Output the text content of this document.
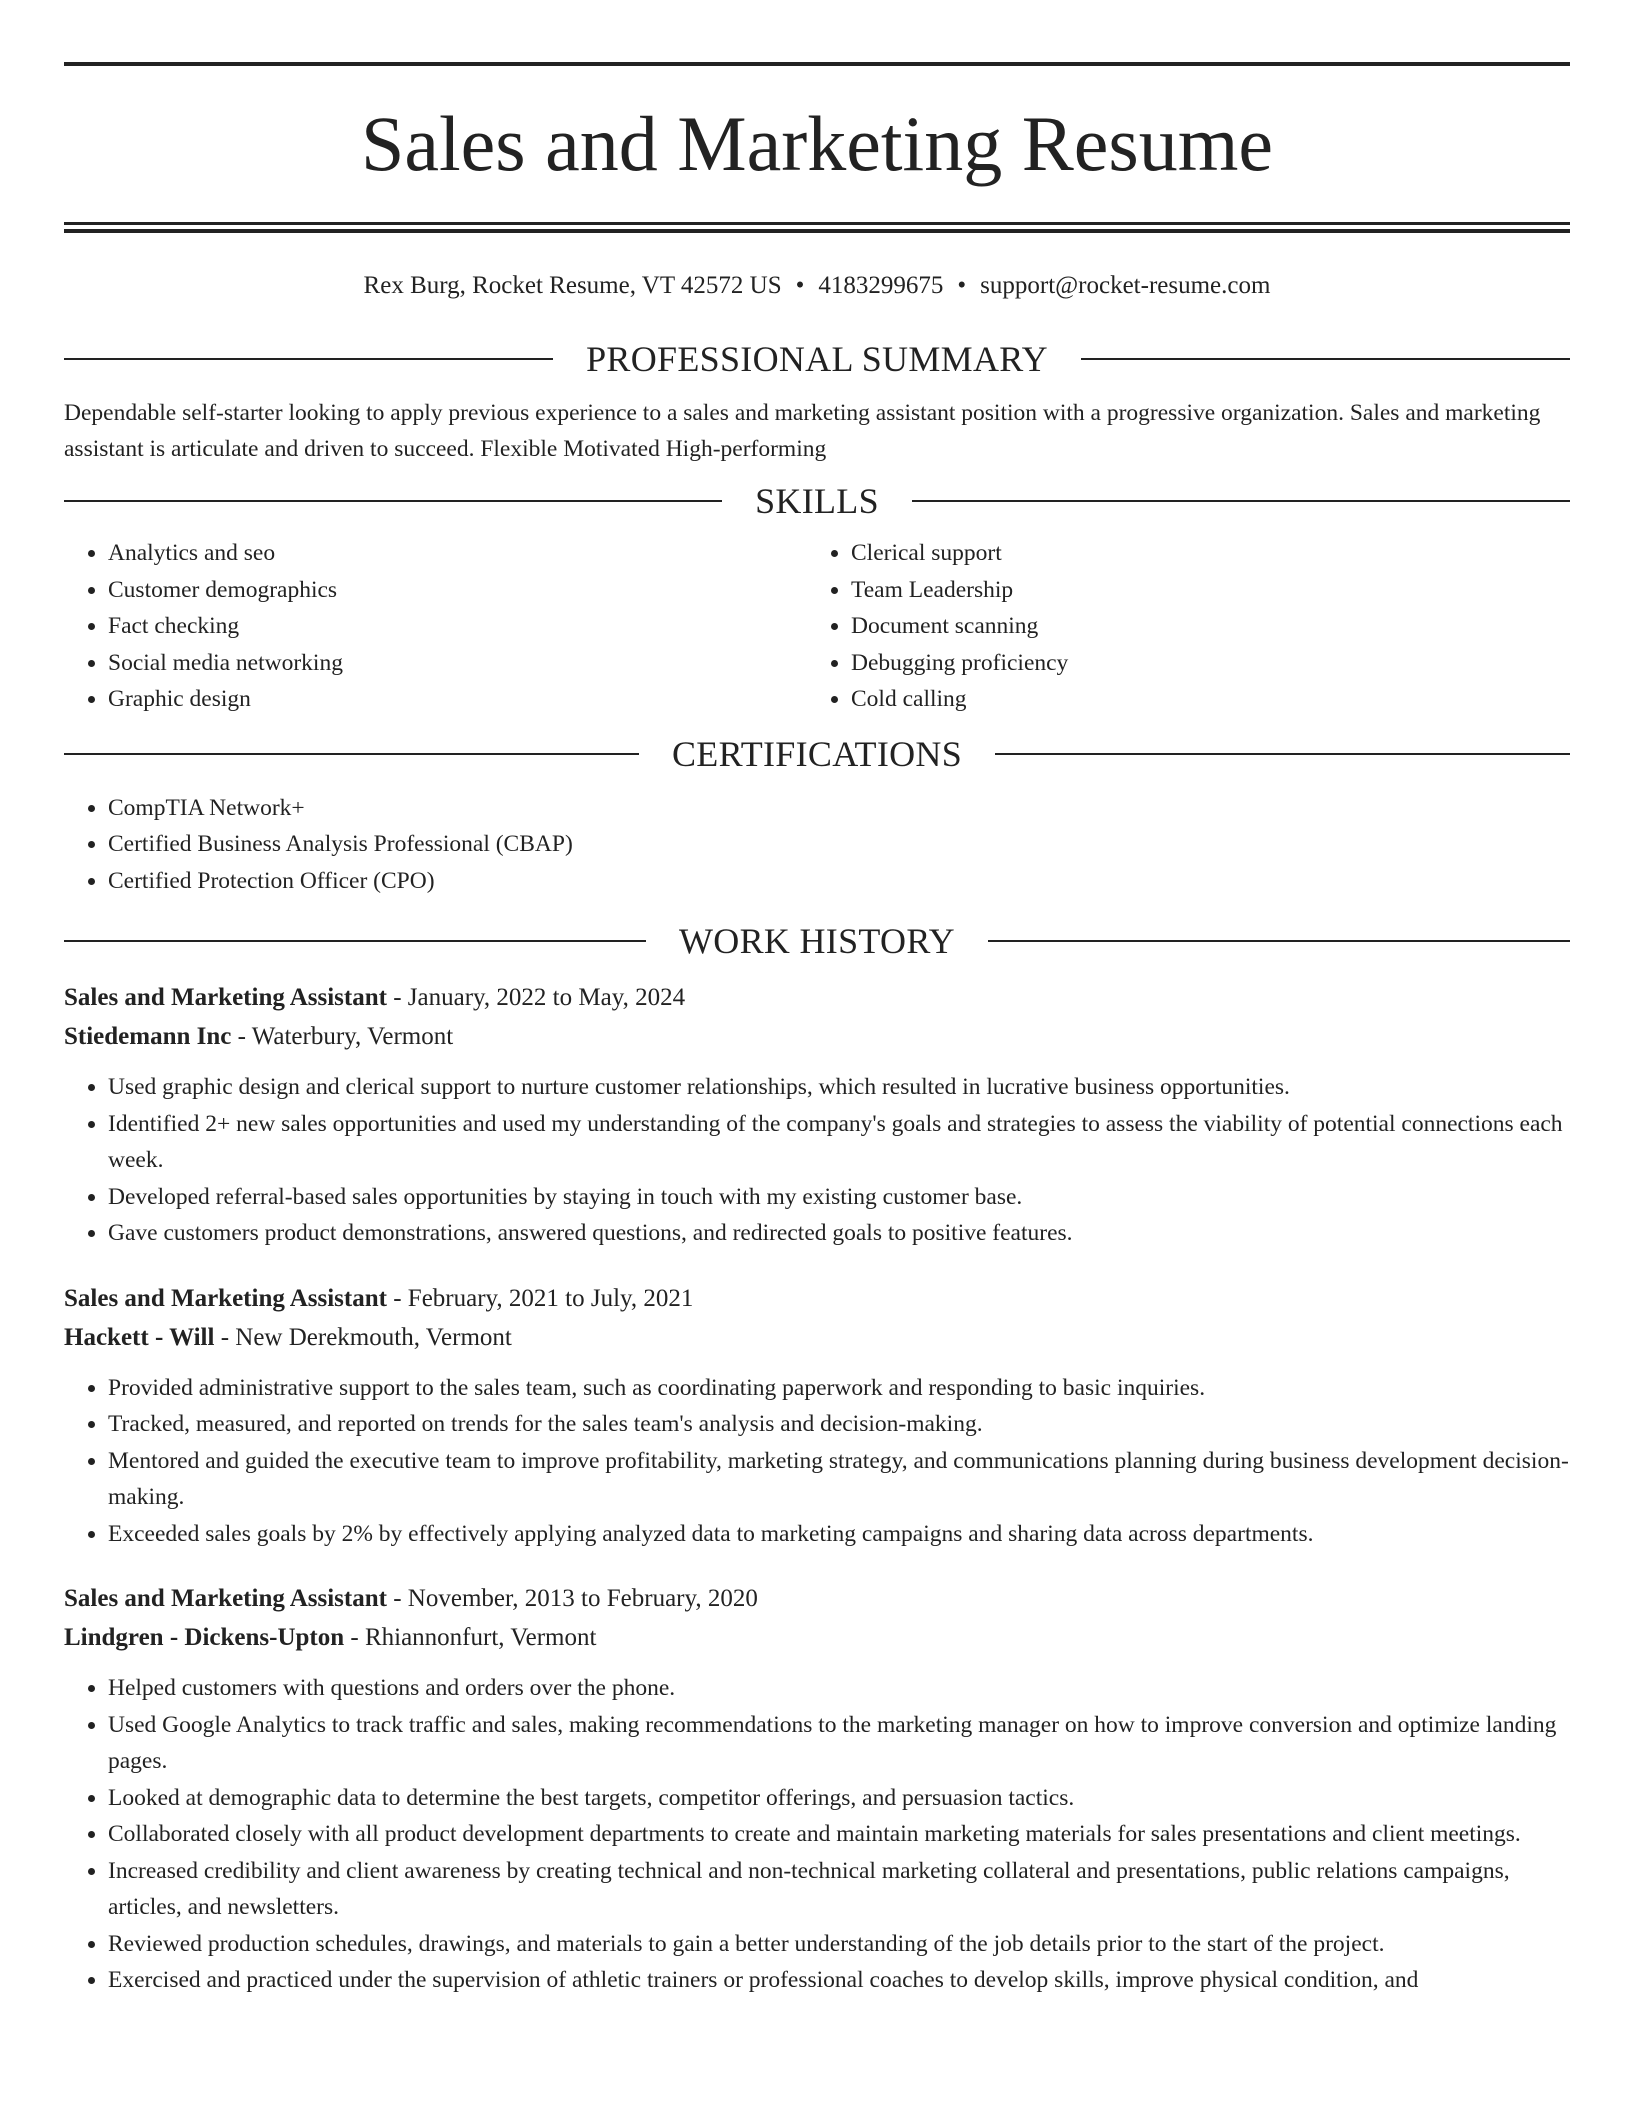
Sales and Marketing Resume
Rex Burg, Rocket Resume, VT 42572 US • 4183299675 • support@rocket-resume.com
PROFESSIONAL SUMMARY

Dependable self-starter looking to apply previous experience to a sales and marketing assistant position with a progressive organization. Sales and marketing assistant is articulate and driven to succeed. Flexible Motivated High-performing

SKILLS
• Analytics and seo
• Customer demographics
• Fact checking
• Social media networking
• Graphic design
• Clerical support
• Team Leadership
• Document scanning
• Debugging proficiency
• Cold calling
CERTIFICATIONS
• CompTIA Network+
• Certified Business Analysis Professional (CBAP)
• Certified Protection Officer (CPO)
WORK HISTORY
Sales and Marketing Assistant - January, 2022 to May, 2024
Stiedemann Inc - Waterbury, Vermont
• Used graphic design and clerical support to nurture customer relationships, which resulted in lucrative business opportunities.
• Identified 2+ new sales opportunities and used my understanding of the company's goals and strategies to assess the viability of potential connections each week.
• Developed referral-based sales opportunities by staying in touch with my existing customer base.
• Gave customers product demonstrations, answered questions, and redirected goals to positive features.
Sales and Marketing Assistant - February, 2021 to July, 2021
Hackett - Will - New Derekmouth, Vermont
• Provided administrative support to the sales team, such as coordinating paperwork and responding to basic inquiries.
• Tracked, measured, and reported on trends for the sales team's analysis and decision-making.
• Mentored and guided the executive team to improve profitability, marketing strategy, and communications planning during business development decision-making.
• Exceeded sales goals by 2% by effectively applying analyzed data to marketing campaigns and sharing data across departments.
Sales and Marketing Assistant - November, 2013 to February, 2020
Lindgren - Dickens-Upton - Rhiannonfurt, Vermont
• Helped customers with questions and orders over the phone.
• Used Google Analytics to track traffic and sales, making recommendations to the marketing manager on how to improve conversion and optimize landing pages.
• Looked at demographic data to determine the best targets, competitor offerings, and persuasion tactics.
• Collaborated closely with all product development departments to create and maintain marketing materials for sales presentations and client meetings.
• Increased credibility and client awareness by creating technical and non-technical marketing collateral and presentations, public relations campaigns, articles, and newsletters.
• Reviewed production schedules, drawings, and materials to gain a better understanding of the job details prior to the start of the project.
• Exercised and practiced under the supervision of athletic trainers or professional coaches to develop skills, improve physical condition, and
